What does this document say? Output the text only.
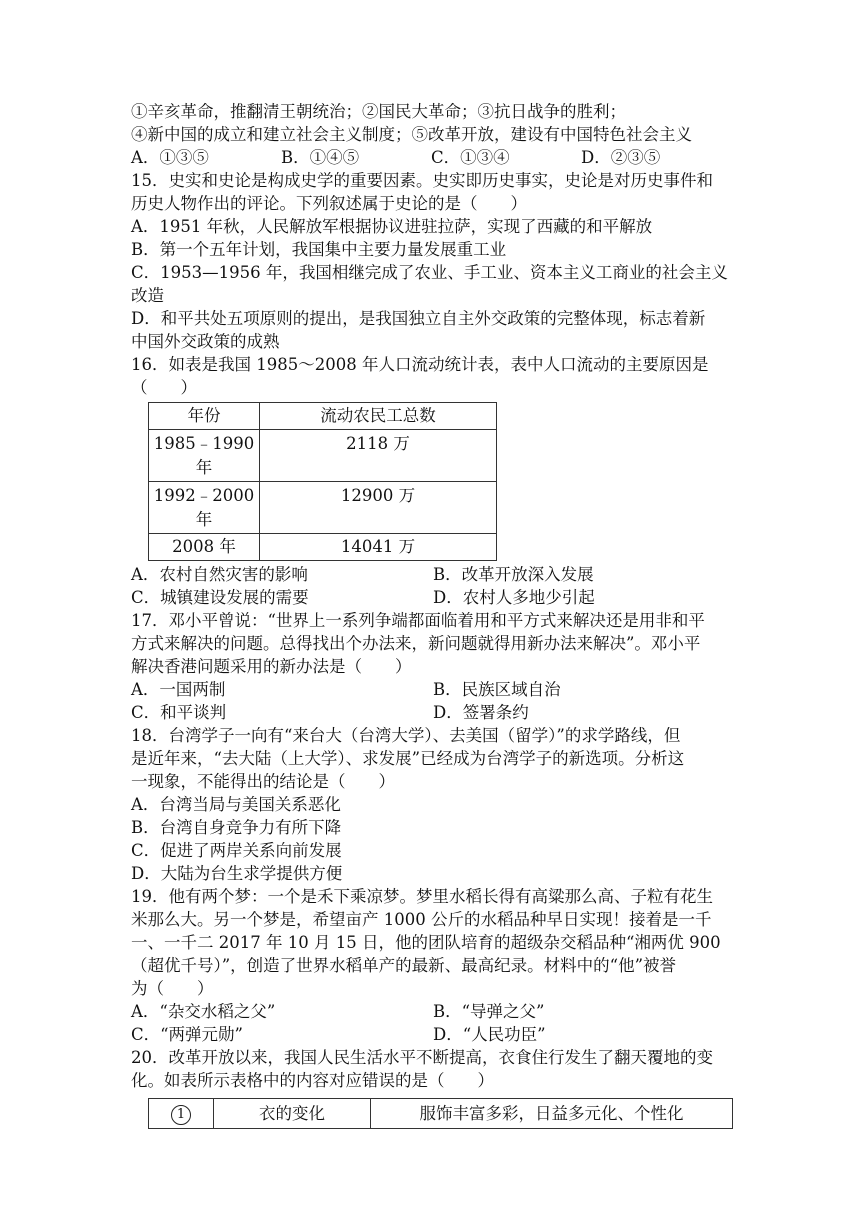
①辛亥革命，推翻清王朝统治；②国民大革命；③抗日战争的胜利；
④新中国的成立和建立社会主义制度；⑤改革开放，建设有中国特色社会主义
A．①③⑤	B．①④⑤	C．①③④	D．②③⑤
15．史实和史论是构成史学的重要因素。史实即历史事实，史论是对历史事件和
历史人物作出的评论。下列叙述属于史论的是（　　）
A．1951 年秋，人民解放军根据协议进驻拉萨，实现了西藏的和平解放
B．第一个五年计划，我国集中主要力量发展重工业
C．1953—1956 年，我国相继完成了农业、手工业、资本主义工商业的社会主义
改造
D．和平共处五项原则的提出，是我国独立自主外交政策的完整体现，标志着新
中国外交政策的成熟
16．如表是我国 1985～2008 年人口流动统计表，表中人口流动的主要原因是
（　　）
年份	流动农民工总数

1985﹣1990
年	2118 万

1992﹣2000
年	12900 万
2008 年	14041 万
A．农村自然灾害的影响	B．改革开放深入发展
C．城镇建设发展的需要	D．农村人多地少引起
17．邓小平曾说：“世界上一系列争端都面临着用和平方式来解决还是用非和平
方式来解决的问题。总得找出个办法来，新问题就得用新办法来解决”。邓小平
解决香港问题采用的新办法是（　　）
A．一国两制	B．民族区域自治
C．和平谈判	D．签署条约
18．台湾学子一向有“来台大（台湾大学）、去美国（留学）”的求学路线，但
是近年来，“去大陆（上大学）、求发展”已经成为台湾学子的新选项。分析这
一现象，不能得出的结论是（　　）
A．台湾当局与美国关系恶化
B．台湾自身竞争力有所下降
C．促进了两岸关系向前发展
D．大陆为台生求学提供方便
19．他有两个梦：一个是禾下乘凉梦。梦里水稻长得有高粱那么高、子粒有花生
米那么大。另一个梦是，希望亩产 1000 公斤的水稻品种早日实现！接着是一千
一、一千二 2017 年 10 月 15 日，他的团队培育的超级杂交稻品种“湘两优 900
（超优千号）”，创造了世界水稻单产的最新、最高纪录。材料中的“他”被誉
为（　　）
A．“杂交水稻之父”	B．“导弹之父”
C．“两弹元勋”	D．“人民功臣”
20．改革开放以来，我国人民生活水平不断提高，衣食住行发生了翻天覆地的变
化。如表所示表格中的内容对应错误的是（　　）
1	衣的变化	服饰丰富多彩，日益多元化、个性化
